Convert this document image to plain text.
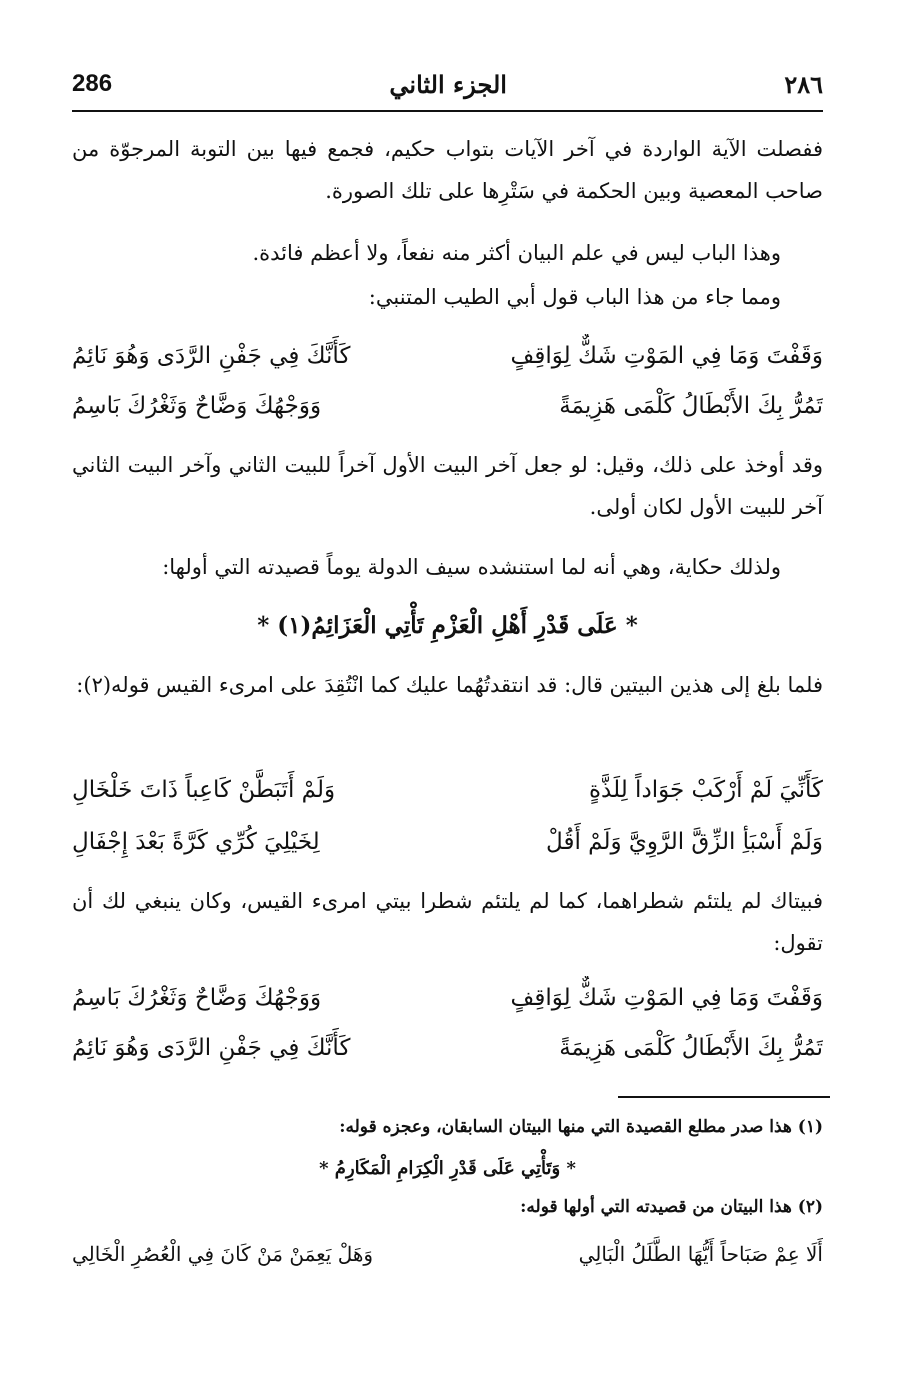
286	الجزء الثاني	٢٨٦
ففصلت الآية الواردة في آخر الآيات بتواب حكيم، فجمع فيها بين التوبة المرجوّة من صاحب المعصية وبين الحكمة في سَتْرِها على تلك الصورة.
وهذا الباب ليس في علم البيان أكثر منه نفعاً، ولا أعظم فائدة.
ومما جاء من هذا الباب قول أبي الطيب المتنبي:
وَقَفْتَ وَمَا فِي المَوْتِ شَكٌّ لِوَاقِفٍ
كَأَنَّكَ فِي جَفْنِ الرَّدَى وَهُوَ نَائِمُ
تَمُرُّ بِكَ الأَبْطَالُ كَلْمَى هَزِيمَةً
وَوَجْهُكَ وَضَّاحٌ وَثَغْرُكَ بَاسِمُ
وقد أوخذ على ذلك، وقيل: لو جعل آخر البيت الأول آخراً للبيت الثاني وآخر البيت الثاني آخر للبيت الأول لكان أولى.
ولذلك حكاية، وهي أنه لما استنشده سيف الدولة يوماً قصيدته التي أولها:
* عَلَى قَدْرِ أَهْلِ الْعَزْمِ تَأْتِي الْعَزَائِمُ(١) *
فلما بلغ إلى هذين البيتين قال: قد انتقدتُهُما عليك كما انْتُقِدَ على امرىء القيس قوله(٢):
كَأَنِّيَ لَمْ أَرْكَبْ جَوَاداً لِلَذَّةٍ
وَلَمْ أَتَبَطَّنْ كَاعِباً ذَاتَ خَلْخَالِ
وَلَمْ أَسْبَأِ الزِّقَّ الرَّوِيَّ وَلَمْ أَقُلْ
لِخَيْلِيَ كُرِّي كَرَّةً بَعْدَ إِجْفَالِ
فبيتاك لم يلتئم شطراهما، كما لم يلتئم شطرا بيتي امرىء القيس، وكان ينبغي لك أن تقول:
وَقَفْتَ وَمَا فِي المَوْتِ شَكٌّ لِوَاقِفٍ
وَوَجْهُكَ وَضَّاحٌ وَثَغْرُكَ بَاسِمُ
تَمُرُّ بِكَ الأَبْطَالُ كَلْمَى هَزِيمَةً
كَأَنَّكَ فِي جَفْنِ الرَّدَى وَهُوَ نَائِمُ
(١) هذا صدر مطلع القصيدة التي منها البيتان السابقان، وعجزه قوله:
* وَتَأْتِي عَلَى قَدْرِ الْكِرَامِ الْمَكَارِمُ *
(٢) هذا البيتان من قصيدته التي أولها قوله:
أَلَا عِمْ صَبَاحاً أَيُّهَا الطَّلَلُ الْبَالِي
وَهَلْ يَعِمَنْ مَنْ كَانَ فِي الْعُصُرِ الْخَالِي
